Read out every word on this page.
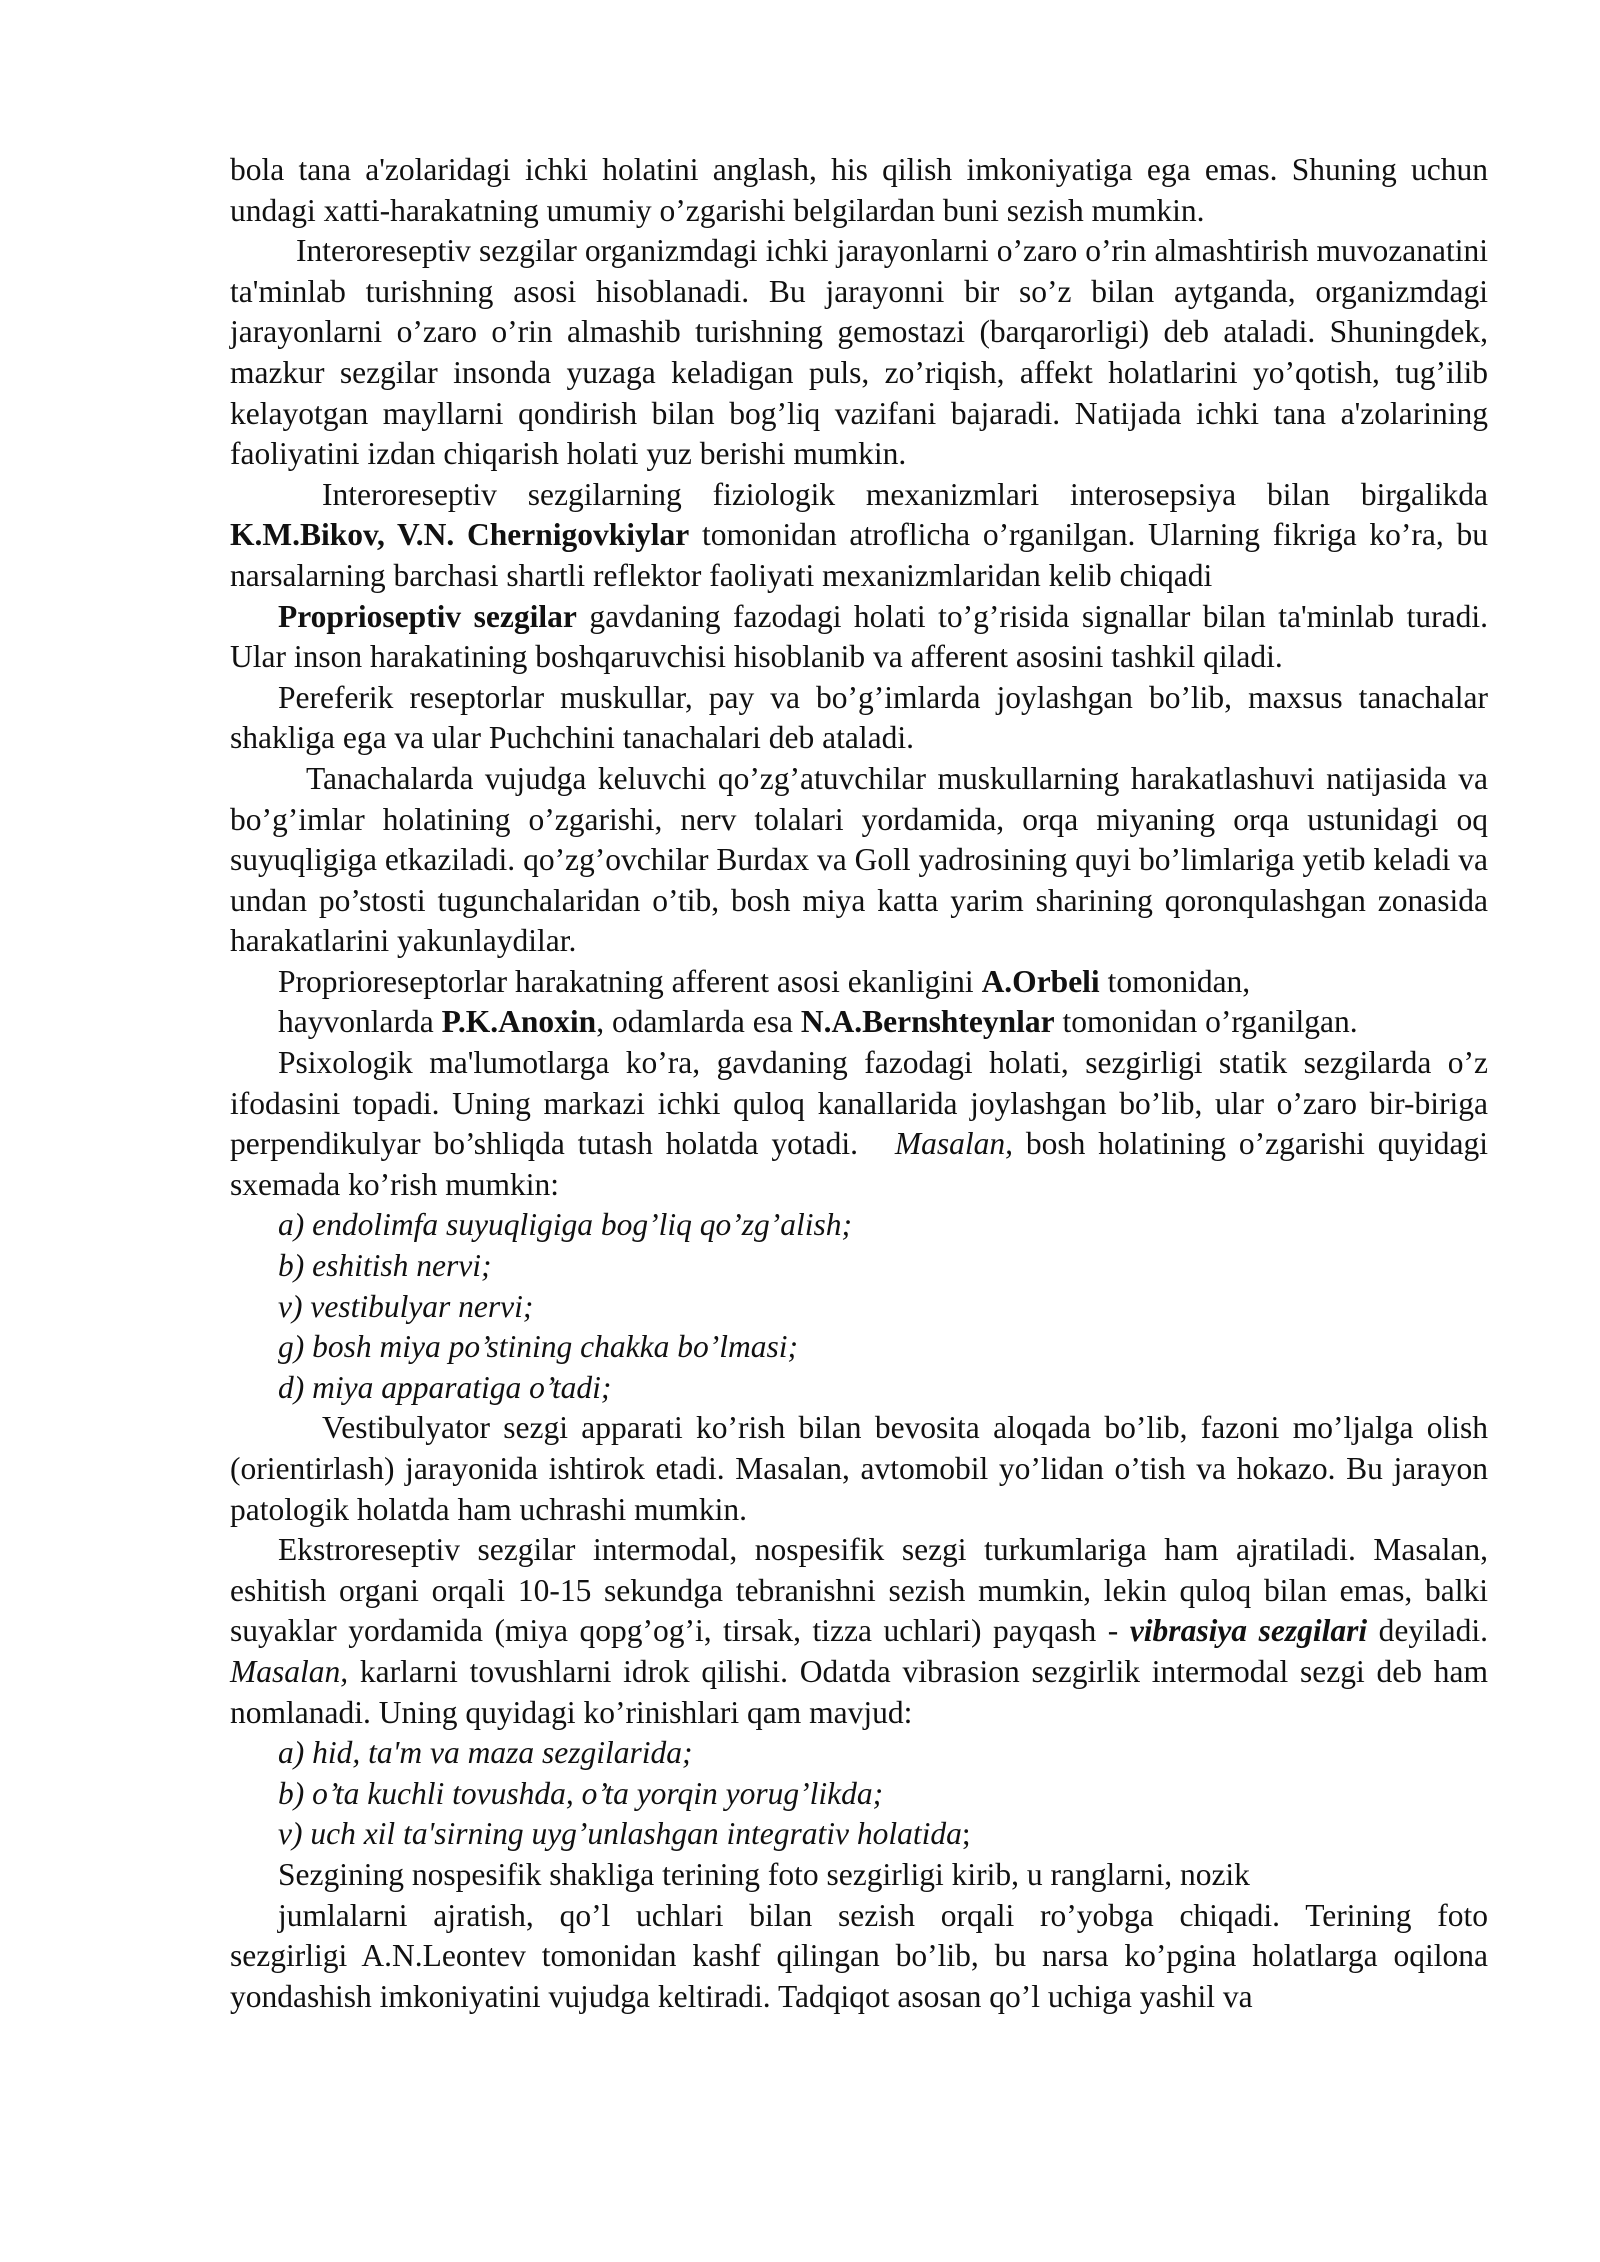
bola tana a'zolaridagi ichki holatini anglash, his qilish imkoniyatiga ega emas. Shuning uchun undagi xatti-harakatning umumiy o’zgarishi belgilardan buni sezish mumkin.

Interoreseptiv sezgilar organizmdagi ichki jarayonlarni o’zaro o’rin almashtirish muvozanatini ta'minlab turishning asosi hisoblanadi. Bu jarayonni bir so’z bilan aytganda, organizmdagi jarayonlarni o’zaro o’rin almashib turishning gemostazi (barqarorligi) deb ataladi. Shuningdek, mazkur sezgilar insonda yuzaga keladigan puls, zo’riqish, affekt holatlarini yo’qotish, tug’ilib kelayotgan mayllarni qondirish bilan bog’liq vazifani bajaradi. Natijada ichki tana a'zolarining faoliyatini izdan chiqarish holati yuz berishi mumkin.

Interoreseptiv sezgilarning fiziologik mexanizmlari interosepsiya bilan birgalikda K.M.Bikov, V.N. Chernigovkiylar tomonidan atroflicha o’rganilgan. Ularning fikriga ko’ra, bu narsalarning barchasi shartli reflektor faoliyati mexanizmlaridan kelib chiqadi

Proprioseptiv sezgilar gavdaning fazodagi holati to’g’risida signallar bilan ta'minlab turadi. Ular inson harakatining boshqaruvchisi hisoblanib va afferent asosini tashkil qiladi.

Pereferik reseptorlar muskullar, pay va bo’g’imlarda joylashgan bo’lib, maxsus tanachalar shakliga ega va ular Puchchini tanachalari deb ataladi.

Tanachalarda vujudga keluvchi qo’zg’atuvchilar muskullarning harakatlashuvi natijasida va bo’g’imlar holatining o’zgarishi, nerv tolalari yordamida, orqa miyaning orqa ustunidagi oq suyuqligiga etkaziladi. qo’zg’ovchilar Burdax va Goll yadrosining quyi bo’limlariga yetib keladi va undan po’stosti tugunchalaridan o’tib, bosh miya katta yarim sharining qoronqulashgan zonasida harakatlarini yakunlaydilar.

Proprioreseptorlar harakatning afferent asosi ekanligini A.Orbeli tomonidan,

hayvonlarda P.K.Anoxin, odamlarda esa N.A.Bernshteynlar tomonidan o’rganilgan.

Psixologik ma'lumotlarga ko’ra, gavdaning fazodagi holati, sezgirligi statik sezgilarda o’z ifodasini topadi. Uning markazi ichki quloq kanallarida joylashgan bo’lib, ular o’zaro bir-biriga perpendikulyar bo’shliqda tutash holatda yotadi. Masalan, bosh holatining o’zgarishi quyidagi sxemada ko’rish mumkin:

a) endolimfa suyuqligiga bog’liq qo’zg’alish;

b) eshitish nervi;

v) vestibulyar nervi;

g) bosh miya po’stining chakka bo’lmasi;

d) miya apparatiga o’tadi;

Vestibulyator sezgi apparati ko’rish bilan bevosita aloqada bo’lib, fazoni mo’ljalga olish (orientirlash) jarayonida ishtirok etadi. Masalan, avtomobil yo’lidan o’tish va hokazo. Bu jarayon patologik holatda ham uchrashi mumkin.

Ekstroreseptiv sezgilar intermodal, nospesifik sezgi turkumlariga ham ajratiladi. Masalan, eshitish organi orqali 10-15 sekundga tebranishni sezish mumkin, lekin quloq bilan emas, balki suyaklar yordamida (miya qopg’og’i, tirsak, tizza uchlari) payqash - vibrasiya sezgilari deyiladi. Masalan, karlarni tovushlarni idrok qilishi. Odatda vibrasion sezgirlik intermodal sezgi deb ham nomlanadi. Uning quyidagi ko’rinishlari qam mavjud:

a) hid, ta'm va maza sezgilarida;

b) o’ta kuchli tovushda, o’ta yorqin yorug’likda;

v) uch xil ta'sirning uyg’unlashgan integrativ holatida;

Sezgining nospesifik shakliga terining foto sezgirligi kirib, u ranglarni, nozik

jumlalarni ajratish, qo’l uchlari bilan sezish orqali ro’yobga chiqadi. Terining foto
sezgirligi A.N.Leontev tomonidan kashf qilingan bo’lib, bu narsa ko’pgina holatlarga oqilona yondashish imkoniyatini vujudga keltiradi. Tadqiqot asosan qo’l uchiga yashil va
